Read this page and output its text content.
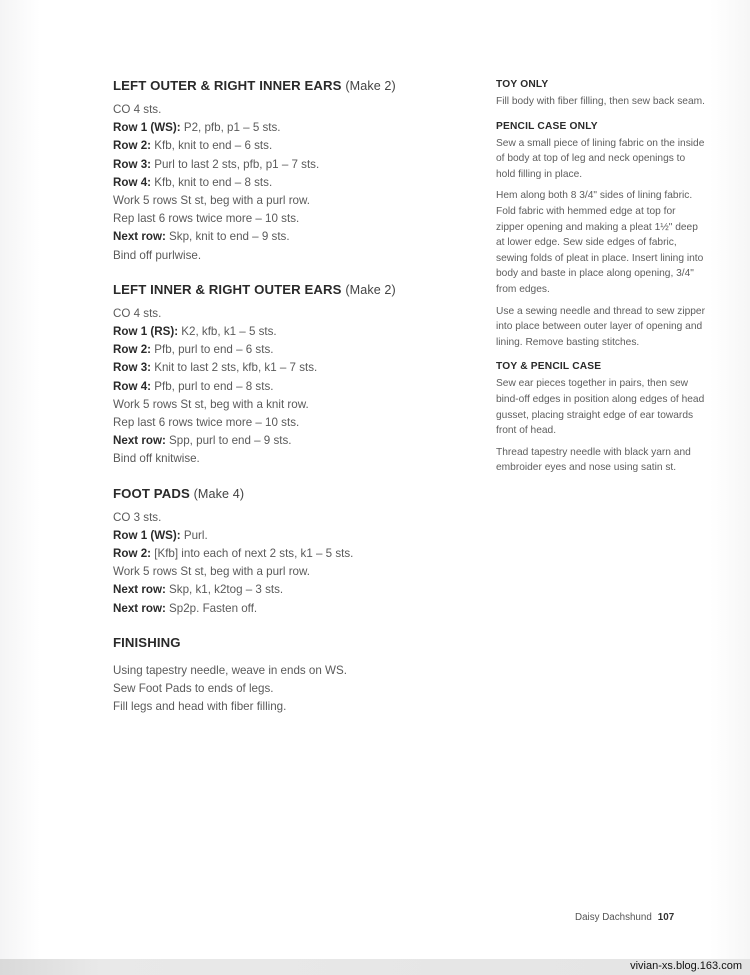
LEFT OUTER & RIGHT INNER EARS (Make 2)
CO 4 sts.
Row 1 (WS): P2, pfb, p1 – 5 sts.
Row 2: Kfb, knit to end – 6 sts.
Row 3: Purl to last 2 sts, pfb, p1 – 7 sts.
Row 4: Kfb, knit to end – 8 sts.
Work 5 rows St st, beg with a purl row.
Rep last 6 rows twice more – 10 sts.
Next row: Skp, knit to end – 9 sts.
Bind off purlwise.
LEFT INNER & RIGHT OUTER EARS (Make 2)
CO 4 sts.
Row 1 (RS): K2, kfb, k1 – 5 sts.
Row 2: Pfb, purl to end – 6 sts.
Row 3: Knit to last 2 sts, kfb, k1 – 7 sts.
Row 4: Pfb, purl to end – 8 sts.
Work 5 rows St st, beg with a knit row.
Rep last 6 rows twice more – 10 sts.
Next row: Spp, purl to end – 9 sts.
Bind off knitwise.
FOOT PADS (Make 4)
CO 3 sts.
Row 1 (WS): Purl.
Row 2: [Kfb] into each of next 2 sts, k1 – 5 sts.
Work 5 rows St st, beg with a purl row.
Next row: Skp, k1, k2tog – 3 sts.
Next row: Sp2p. Fasten off.
FINISHING
Using tapestry needle, weave in ends on WS.
Sew Foot Pads to ends of legs.
Fill legs and head with fiber filling.
TOY ONLY

Fill body with fiber filling, then sew back seam.

PENCIL CASE ONLY

Sew a small piece of lining fabric on the inside of body at top of leg and neck openings to hold filling in place.

Hem along both 8 3/4" sides of lining fabric. Fold fabric with hemmed edge at top for zipper opening and making a pleat 1½" deep at lower edge. Sew side edges of fabric, sewing folds of pleat in place. Insert lining into body and baste in place along opening, 3/4" from edges.

Use a sewing needle and thread to sew zipper into place between outer layer of opening and lining. Remove basting stitches.

TOY & PENCIL CASE

Sew ear pieces together in pairs, then sew bind-off edges in position along edges of head gusset, placing straight edge of ear towards front of head.

Thread tapestry needle with black yarn and embroider eyes and nose using satin st.

Daisy Dachshund 107
vivian-xs.blog.163.com
